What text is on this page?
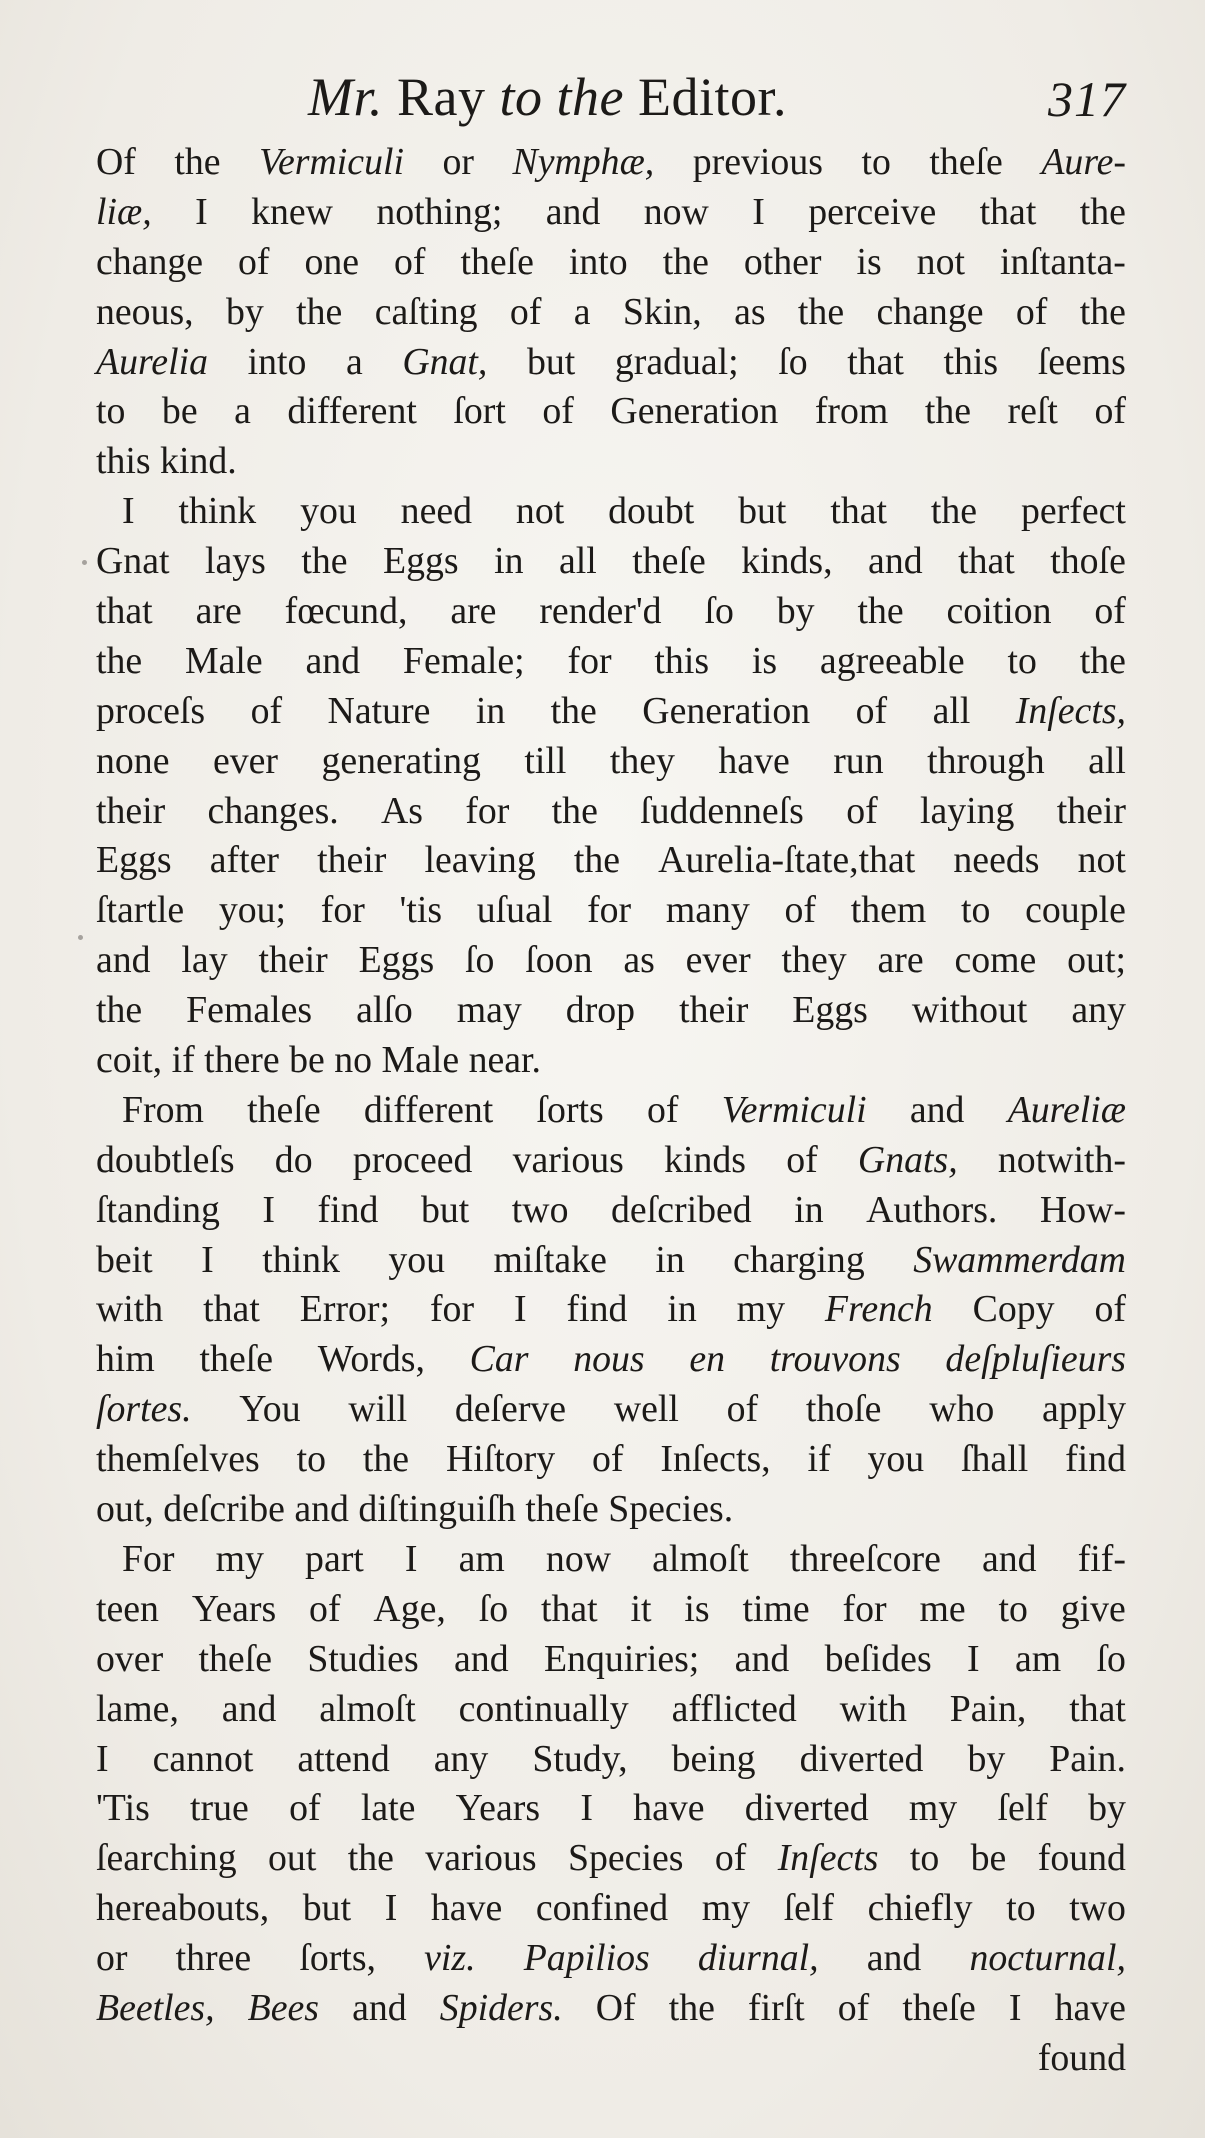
Mr. Ray to the Editor.	317
Of the Vermiculi or Nymphæ, previous to theſe Aure-
liæ, I knew nothing; and now I perceive that the
change of one of theſe into the other is not inſtanta-
neous, by the caſting of a Skin, as the change of the
Aurelia into a Gnat, but gradual; ſo that this ſeems
to be a different ſort of Generation from the reſt of
this kind.
I think you need not doubt but that the perfect
Gnat lays the Eggs in all theſe kinds, and that thoſe
that are fœcund, are render'd ſo by the coition of
the Male and Female; for this is agreeable to the
proceſs of Nature in the Generation of all Inſects,
none ever generating till they have run through all
their changes. As for the ſuddenneſs of laying their
Eggs after their leaving the Aurelia-ſtate,that needs not
ſtartle you; for 'tis uſual for many of them to couple
and lay their Eggs ſo ſoon as ever they are come out;
the Females alſo may drop their Eggs without any
coit, if there be no Male near.
From theſe different ſorts of Vermiculi and Aureliæ
doubtleſs do proceed various kinds of Gnats, notwith-
ſtanding I find but two deſcribed in Authors. How-
beit I think you miſtake in charging Swammerdam
with that Error; for I find in my French Copy of
him theſe Words, Car nous en trouvons deſpluſieurs
ſortes. You will deſerve well of thoſe who apply
themſelves to the Hiſtory of Inſects, if you ſhall find
out, deſcribe and diſtinguiſh theſe Species.
For my part I am now almoſt threeſcore and fif-
teen Years of Age, ſo that it is time for me to give
over theſe Studies and Enquiries; and beſides I am ſo
lame, and almoſt continually afflicted with Pain, that
I cannot attend any Study, being diverted by Pain.
'Tis true of late Years I have diverted my ſelf by
ſearching out the various Species of Inſects to be found
hereabouts, but I have confined my ſelf chiefly to two
or three ſorts, viz. Papilios diurnal, and nocturnal,
Beetles, Bees and Spiders. Of the firſt of theſe I have
found
